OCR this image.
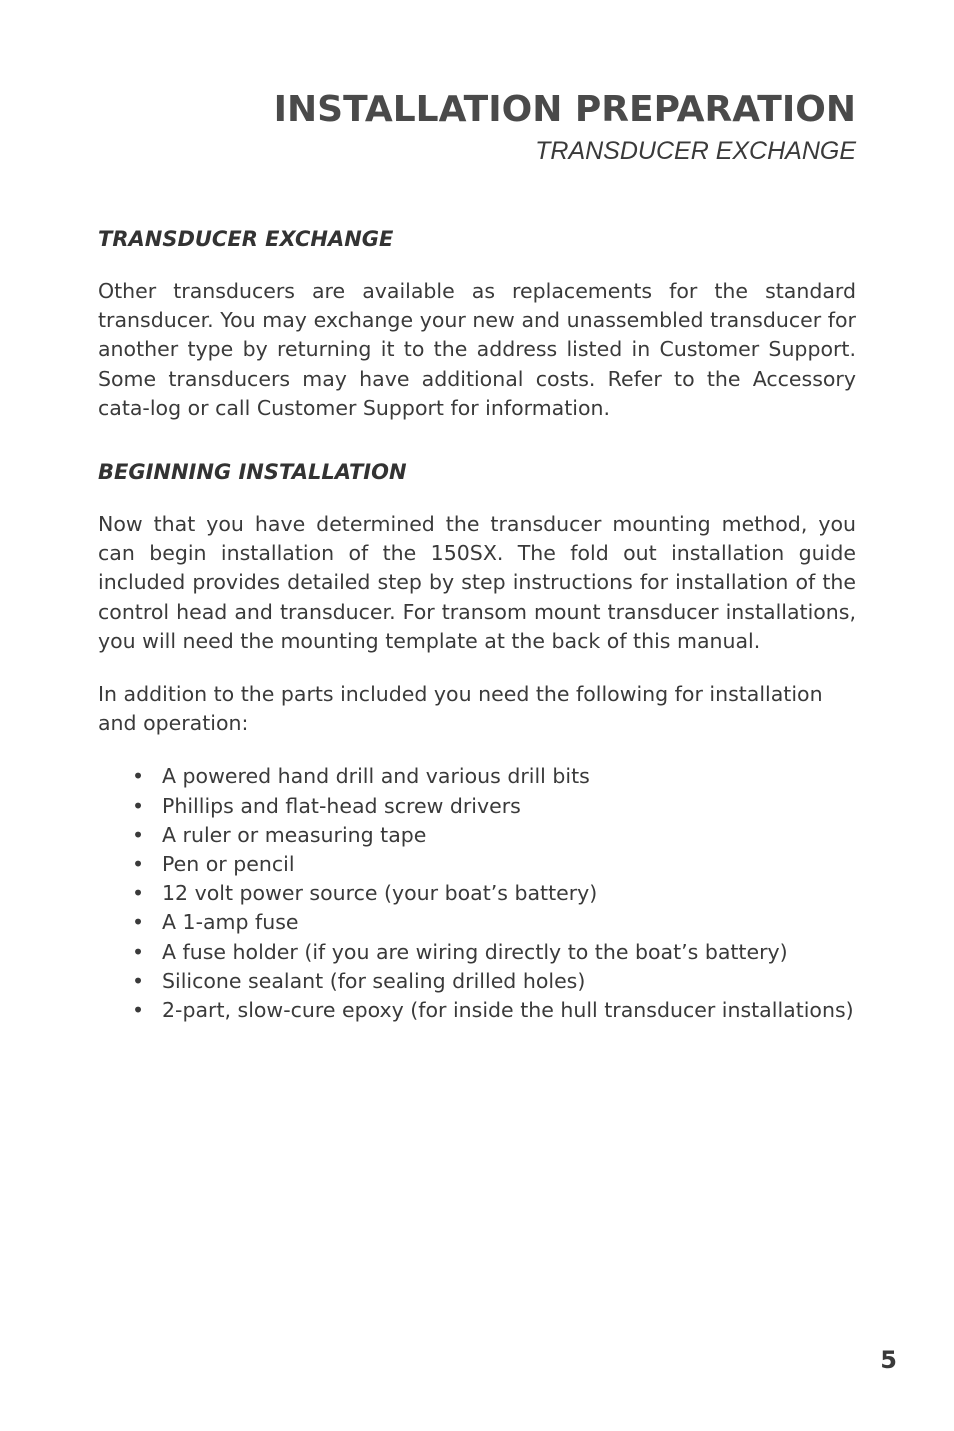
INSTALLATION PREPARATION
TRANSDUCER EXCHANGE
TRANSDUCER EXCHANGE

Other transducers are available as replacements for the standard transducer. You may exchange your new and unassembled transducer for another type by returning it to the address listed in Customer Support. Some transducers may have additional costs. Refer to the Accessory cata-log or call Customer Support for information.

BEGINNING INSTALLATION

Now that you have determined the transducer mounting method, you can begin installation of the 150SX. The fold out installation guide included provides detailed step by step instructions for installation of the control head and transducer. For transom mount transducer installations, you will need the mounting template at the back of this manual.

In addition to the parts included you need the following for installation and operation:

• A powered hand drill and various drill bits
• Phillips and flat-head screw drivers
• A ruler or measuring tape
• Pen or pencil
• 12 volt power source (your boat’s battery)
• A 1-amp fuse
• A fuse holder (if you are wiring directly to the boat’s battery)
• Silicone sealant (for sealing drilled holes)
• 2-part, slow-cure epoxy (for inside the hull transducer installations)
5
